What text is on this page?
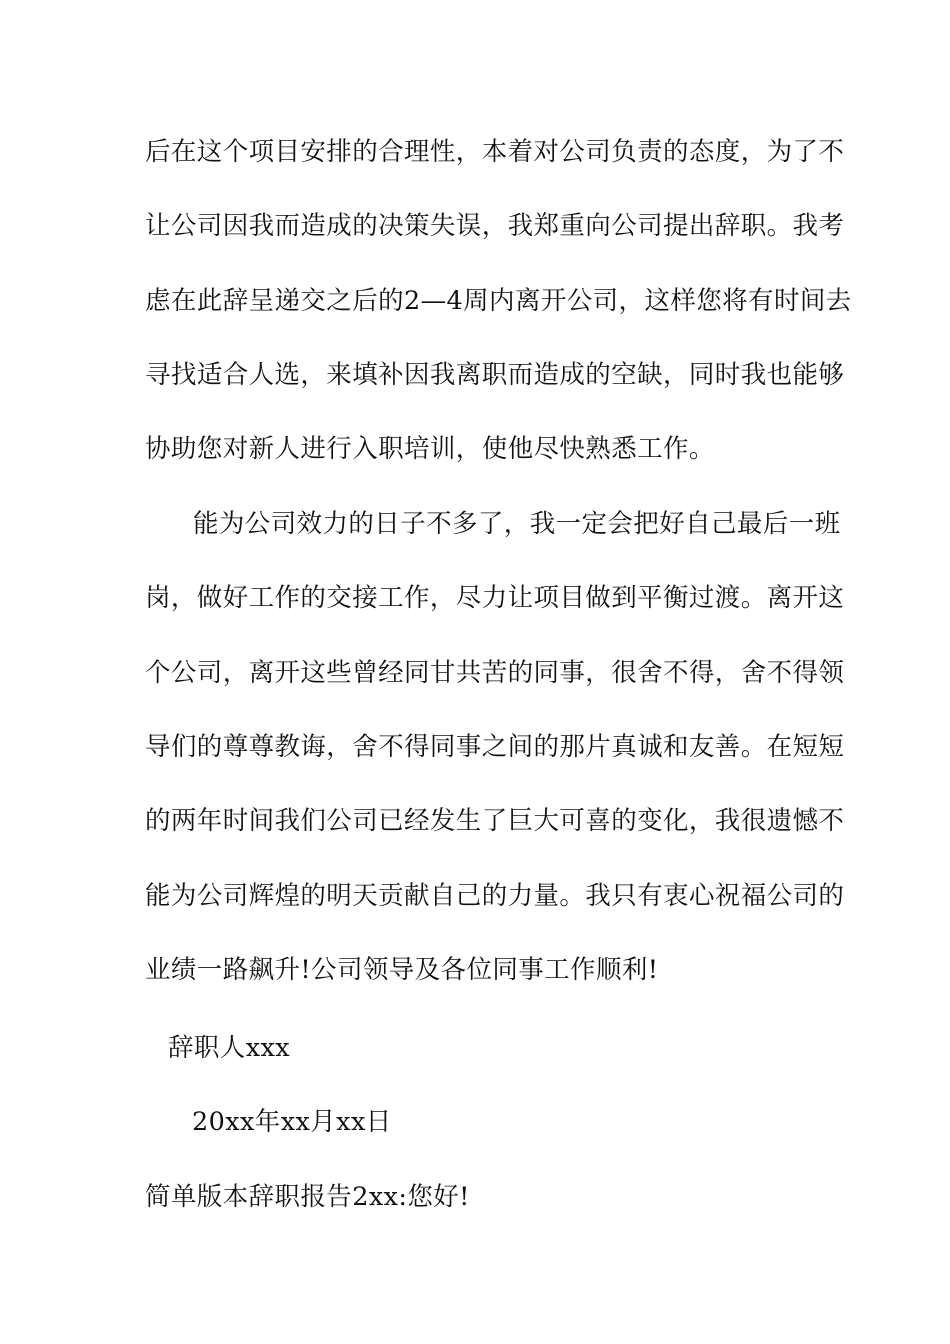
后在这个项目安排的合理性，本着对公司负责的态度，为了不
让公司因我而造成的决策失误，我郑重向公司提出辞职。我考
虑在此辞呈递交之后的2—4周内离开公司，这样您将有时间去
寻找适合人选，来填补因我离职而造成的空缺，同时我也能够
协助您对新人进行入职培训，使他尽快熟悉工作。
能为公司效力的日子不多了，我一定会把好自己最后一班
岗，做好工作的交接工作，尽力让项目做到平衡过渡。离开这
个公司，离开这些曾经同甘共苦的同事，很舍不得，舍不得领
导们的尊尊教诲，舍不得同事之间的那片真诚和友善。在短短
的两年时间我们公司已经发生了巨大可喜的变化，我很遗憾不
能为公司辉煌的明天贡献自己的力量。我只有衷心祝福公司的
业绩一路飙升!公司领导及各位同事工作顺利!
辞职人xxx
20xx年xx月xx日
简单版本辞职报告2xx:您好!
